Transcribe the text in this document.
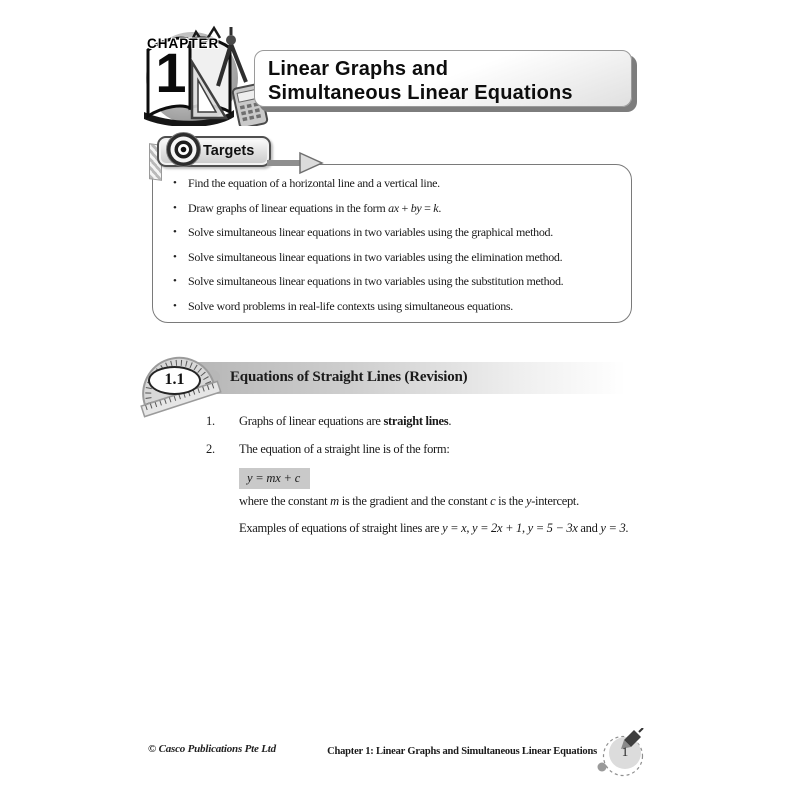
CHAPTER
1	Linear Graphs and
Simultaneous Linear Equations
Targets
• Find the equation of a horizontal line and a vertical line.
• Draw graphs of linear equations in the form ax + by = k.
• Solve simultaneous linear equations in two variables using the graphical method.
• Solve simultaneous linear equations in two variables using the elimination method.
• Solve simultaneous linear equations in two variables using the substitution method.
• Solve word problems in real-life contexts using simultaneous equations.
Equations of Straight Lines (Revision)
1.1
1. Graphs of linear equations are straight lines.
2. The equation of a straight line is of the form:
y = mx + c
where the constant m is the gradient and the constant c is the y-intercept.
Examples of equations of straight lines are y = x, y = 2x + 1, y = 5 − 3x and y = 3.
© Casco Publications Pte Ltd	Chapter 1: Linear Graphs and Simultaneous Linear Equations	1
